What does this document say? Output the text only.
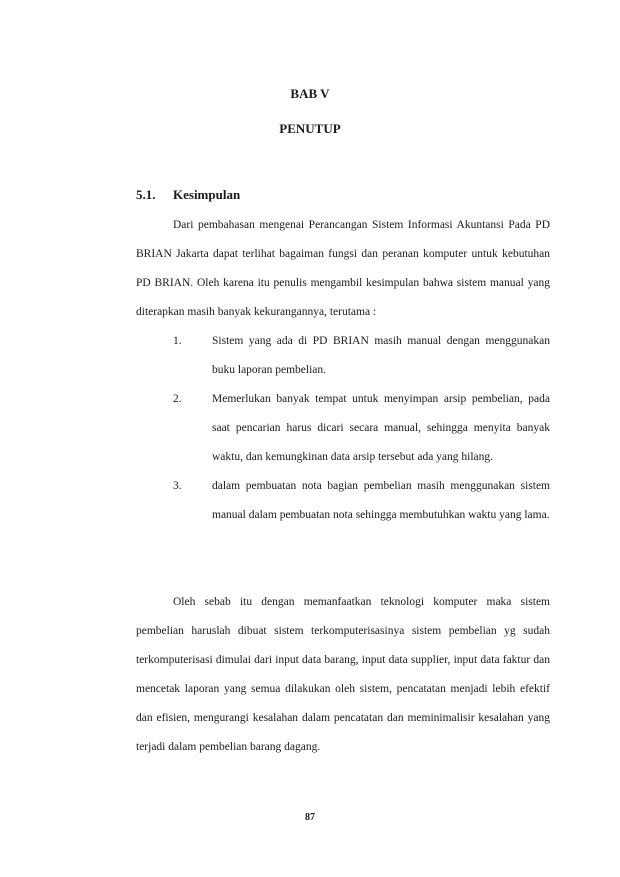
BAB V
PENUTUP
5.1. Kesimpulan

Dari pembahasan mengenai Perancangan Sistem Informasi Akuntansi Pada PD BRIAN Jakarta dapat terlihat bagaiman fungsi dan peranan komputer untuk kebutuhan PD BRIAN. Oleh karena itu penulis mengambil kesimpulan bahwa sistem manual yang diterapkan masih banyak kekurangannya, terutama :

1.	Sistem yang ada di PD BRIAN masih manual dengan menggunakan buku laporan pembelian.
2.	Memerlukan banyak tempat untuk menyimpan arsip pembelian, pada saat pencarian harus dicari secara manual, sehingga menyita banyak waktu, dan kemungkinan data arsip tersebut ada yang hilang.
3.	dalam pembuatan nota bagian pembelian masih menggunakan sistem manual dalam pembuatan nota sehingga membutuhkan waktu yang lama.

Oleh sebab itu dengan memanfaatkan teknologi komputer maka sistem pembelian haruslah dibuat sistem terkomputerisasinya sistem pembelian yg sudah terkomputerisasi dimulai dari input data barang, input data supplier, input data faktur dan mencetak laporan yang semua dilakukan oleh sistem, pencatatan menjadi lebih efektif dan efisien, mengurangi kesalahan dalam pencatatan dan meminimalisir kesalahan yang terjadi dalam pembelian barang dagang.

87
